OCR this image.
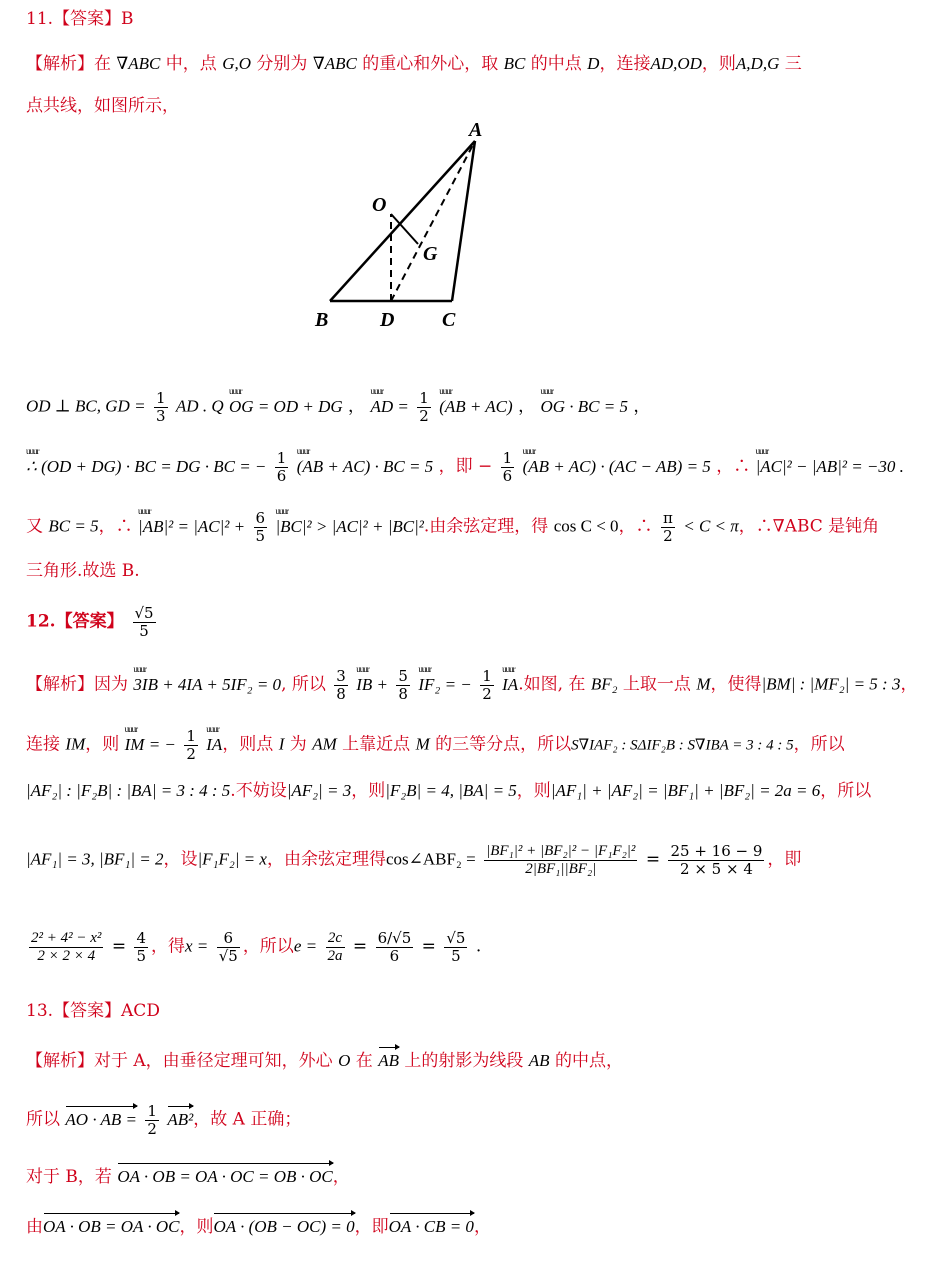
11.【答案】B
【解析】在 ∇ABC 中，点 G,O 分别为 ∇ABC 的重心和外心，取 BC 的中点 D，连接AD,OD，则A,D,G 三
点共线，如图所示，
A
O
G
B	D C
OD ⊥ BC, GD = $\frac{1}{3}$ AD . Q uuur OG = OD + DG ， uuur AD = $\frac{1}{2}$ uuur (AB + AC) ， uuur OG · BC = 5 ，
uuur ∴ (OD + DG) · BC = DG · BC = − $\frac{1}{6}$ uuur (AB + AC) · BC = 5 ，即 − $\frac{1}{6}$ uuur (AB + AC) · (AC − AB) = 5 ，∴ uuur |AC|² − |AB|² = −30 .
又 BC = 5，∴ uuur $|AB|^2 = |AC|^2 + \frac{6}{5}$ uuur |BC|² > |AC|² + |BC|².由余弦定理，得 cos C < 0，∴ $\frac{\pi}{2} < C < \pi$，∴∇ABC 是钝角
三角形.故选 B.
12.【答案】 $\frac{√5}{5}$
【解析】因为 uuur 3IB + 4IA + 5IF₂ = 0, 所以 $\frac{3}{8}$ uuur IB + $\frac{5}{8}$ uuur IF₂ = − $\frac{1}{2}$ uuur IA.如图, 在 BF₂ 上取一点 M，使得|BM| : |MF₂| = 5 : 3，
连接 IM，则 uuur IM = − $\frac{1}{2}$ uuur IA，则点 I 为 AM 上靠近点 M 的三等分点，所以S∇IAF₂ : SΔIF₂B : S∇IBA = 3 : 4 : 5，所以
|AF₂| : |F₂B| : |BA| = 3 : 4 : 5.不妨设|AF₂| = 3，则|F₂B| = 4, |BA| = 5，则|AF₁| + |AF₂| = |BF₁| + |BF₂| = 2a = 6，所以
|AF₁| = 3, |BF₁| = 2，设|F₁F₂| = x，由余弦定理得cos∠ABF₂ = $\frac{\text{|BF₁|² + |BF₂|² − |F₁F₂|²}}{\text{2|BF₁||BF₂|}} = \frac{25 + 16 - 9}{2 \times 5 \times 4}$ ，即
$\frac{\text{2² + 4² − x²}}{2 \times 2 \times 4} = \frac{4}{5}$ ，得$x = \frac{6}{√5}$ ，所以$e = \frac{2c}{2a} = \frac{6/√5}{6} = \frac{√5}{5}$ .
13.【答案】ACD
【解析】对于 A，由垂径定理可知，外心 O 在 AB 上的射影为线段 AB 的中点，
所以 AO · AB = $\frac{1}{2} AB^2$，故 A 正确；
对于 B，若 OA · OB = OA · OC = OB · OC，
由OA · OB = OA · OC，则OA · (OB − OC) = 0，即OA · CB = 0，
